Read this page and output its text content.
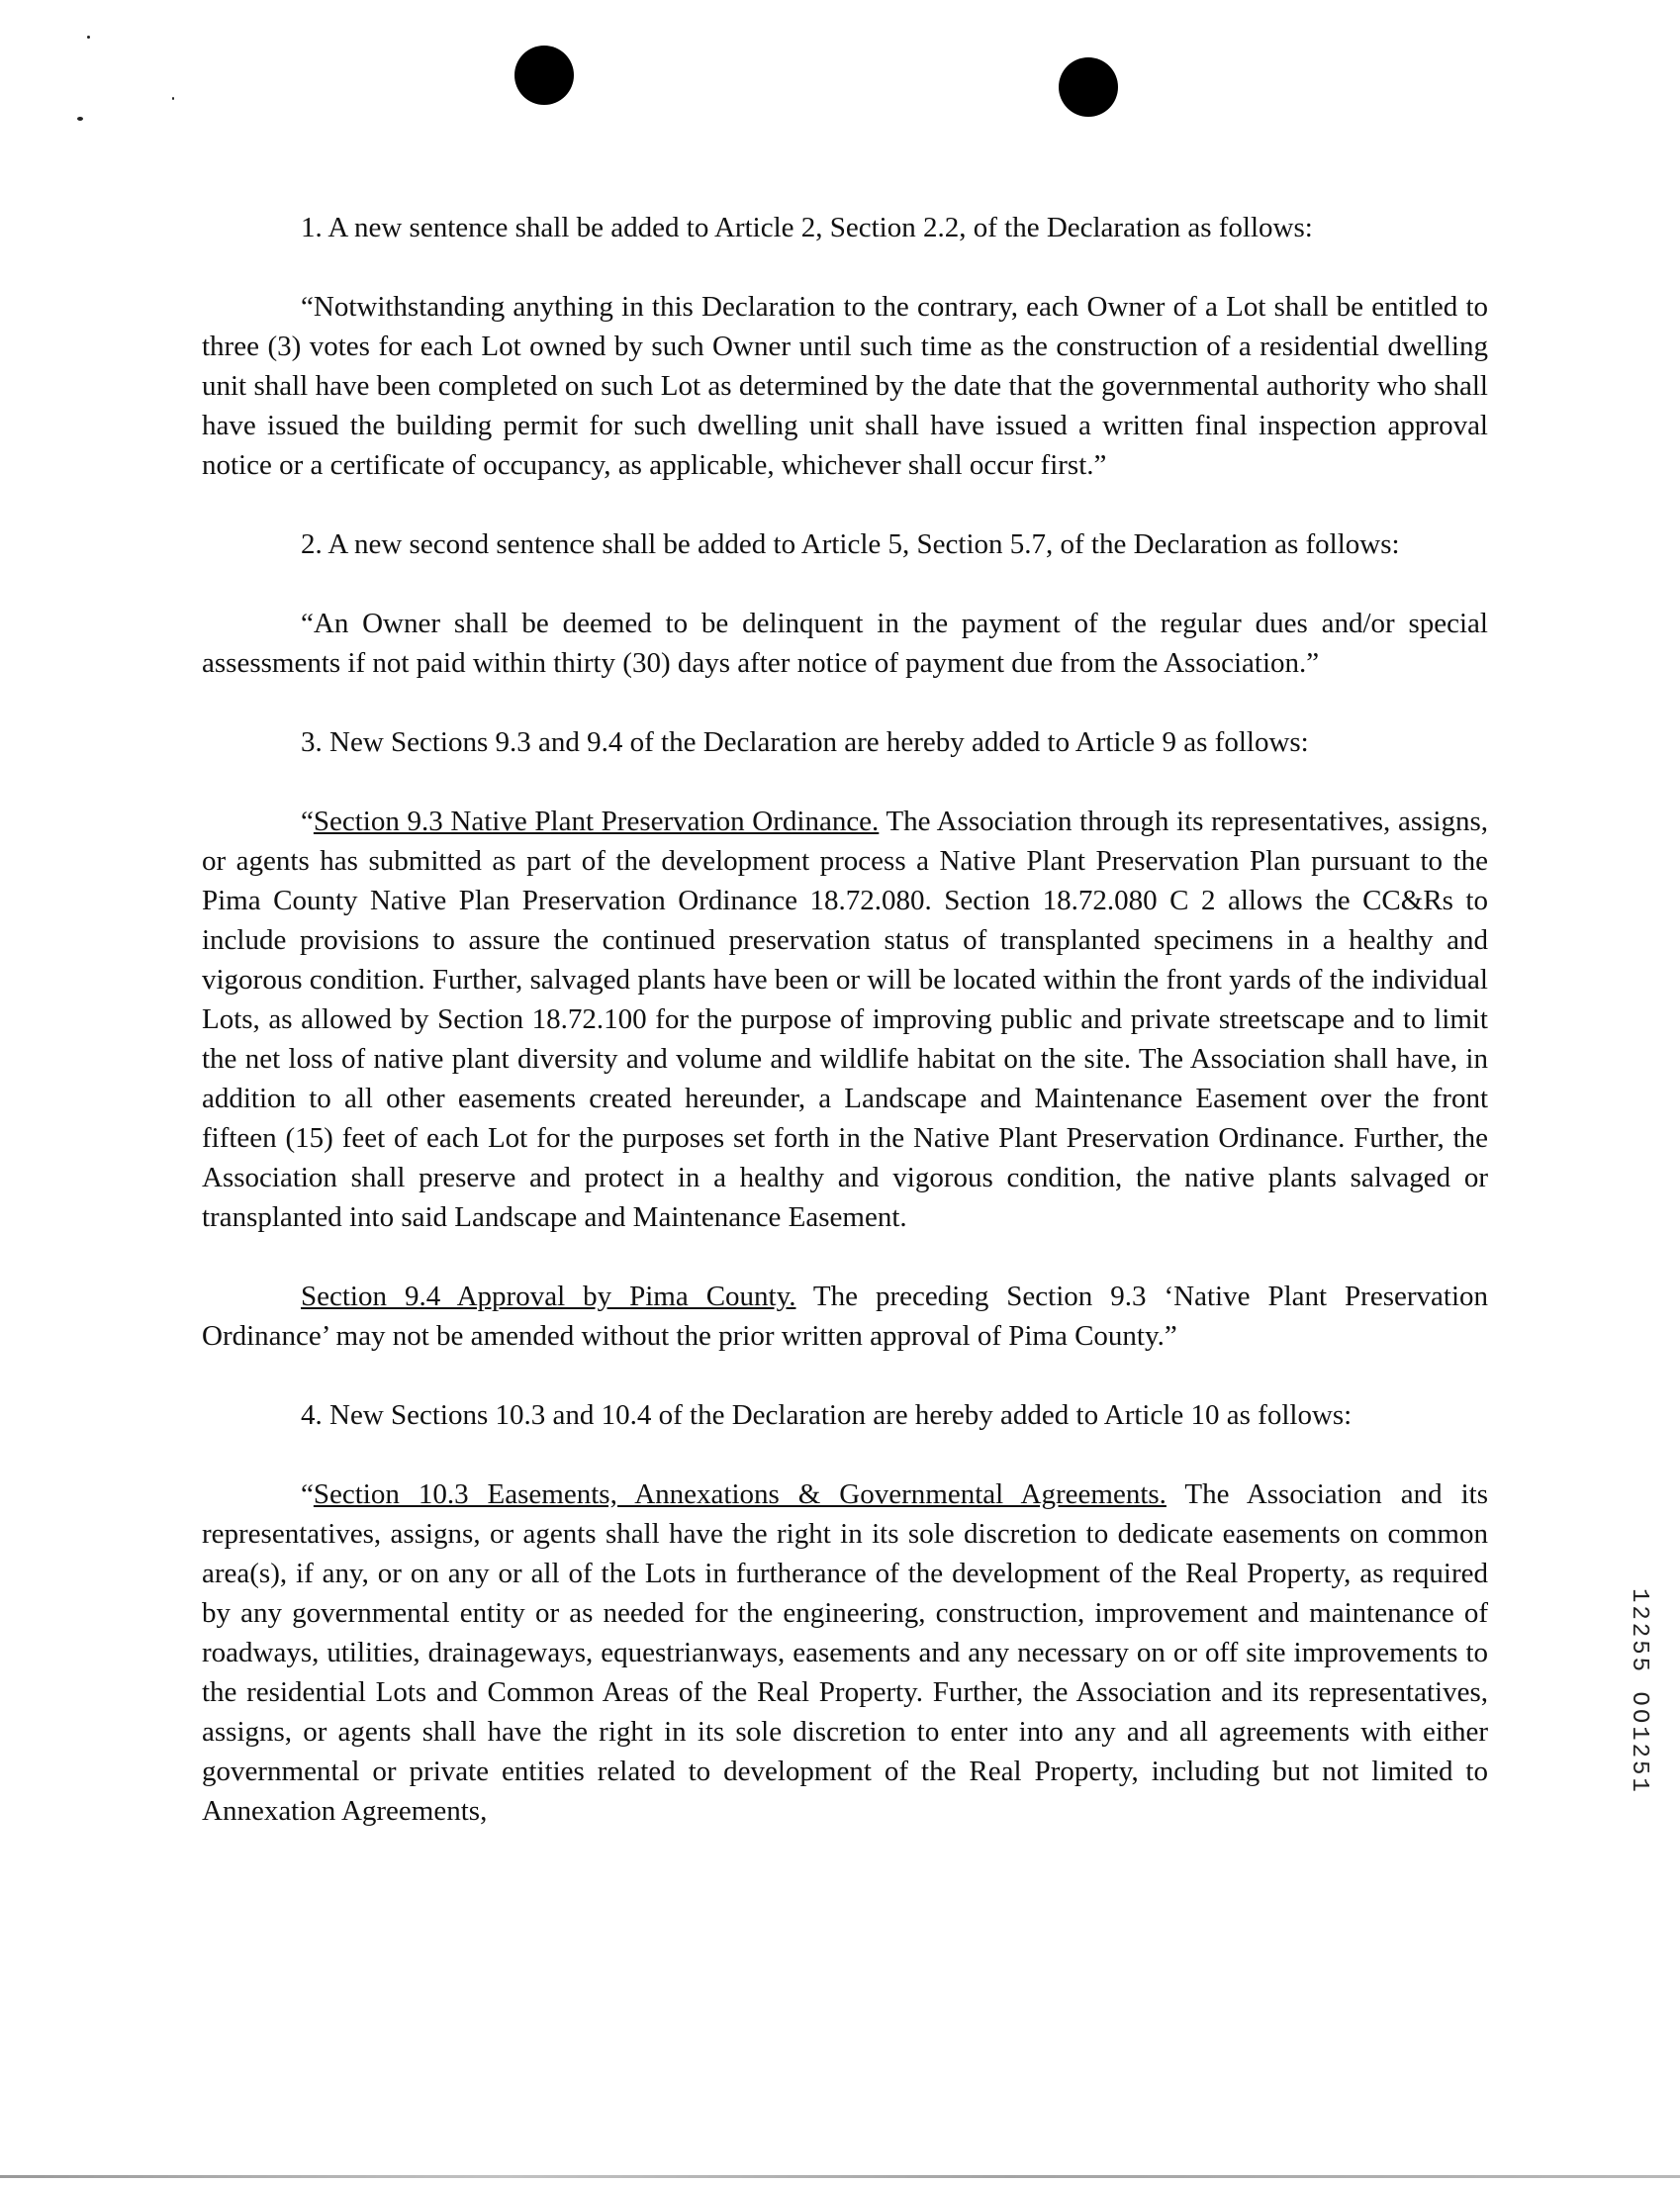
1. A new sentence shall be added to Article 2, Section 2.2, of the Declaration as follows:

“Notwithstanding anything in this Declaration to the contrary, each Owner of a Lot shall be entitled to three (3) votes for each Lot owned by such Owner until such time as the construction of a residential dwelling unit shall have been completed on such Lot as determined by the date that the governmental authority who shall have issued the building permit for such dwelling unit shall have issued a written final inspection approval notice or a certificate of occupancy, as applicable, whichever shall occur first.”

2. A new second sentence shall be added to Article 5, Section 5.7, of the Declaration as follows:

“An Owner shall be deemed to be delinquent in the payment of the regular dues and/or special assessments if not paid within thirty (30) days after notice of payment due from the Association.”

3. New Sections 9.3 and 9.4 of the Declaration are hereby added to Article 9 as follows:

“Section 9.3 Native Plant Preservation Ordinance. The Association through its representatives, assigns, or agents has submitted as part of the development process a Native Plant Preservation Plan pursuant to the Pima County Native Plan Preservation Ordinance 18.72.080. Section 18.72.080 C 2 allows the CC&Rs to include provisions to assure the continued preservation status of transplanted specimens in a healthy and vigorous condition. Further, salvaged plants have been or will be located within the front yards of the individual Lots, as allowed by Section 18.72.100 for the purpose of improving public and private streetscape and to limit the net loss of native plant diversity and volume and wildlife habitat on the site. The Association shall have, in addition to all other easements created hereunder, a Landscape and Maintenance Easement over the front fifteen (15) feet of each Lot for the purposes set forth in the Native Plant Preservation Ordinance. Further, the Association shall preserve and protect in a healthy and vigorous condition, the native plants salvaged or transplanted into said Landscape and Maintenance Easement.

Section 9.4 Approval by Pima County. The preceding Section 9.3 ‘Native Plant Preservation Ordinance’ may not be amended without the prior written approval of Pima County.”

4. New Sections 10.3 and 10.4 of the Declaration are hereby added to Article 10 as follows:

“Section 10.3 Easements, Annexations & Governmental Agreements. The Association and its representatives, assigns, or agents shall have the right in its sole discretion to dedicate easements on common area(s), if any, or on any or all of the Lots in furtherance of the development of the Real Property, as required by any governmental entity or as needed for the engineering, construction, improvement and maintenance of roadways, utilities, drainageways, equestrianways, easements and any necessary on or off site improvements to the residential Lots and Common Areas of the Real Property. Further, the Association and its representatives, assigns, or agents shall have the right in its sole discretion to enter into any and all agreements with either governmental or private entities related to development of the Real Property, including but not limited to Annexation Agreements,

12255 OO1251
